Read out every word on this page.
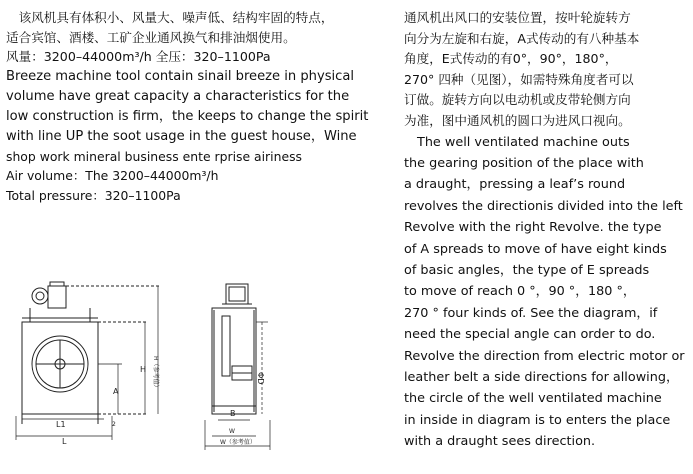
　该风机具有体积小、风量大、噪声低、结构牢固的特点，

适合宾馆、酒楼、工矿企业通风换气和排油烟使用。

风量：3200–44000m³/h 全压：320–1100Pa

Breeze machine tool contain sinail breeze in physical

volume have great capacity a characteristics for the

low construction is firm，the keeps to change the spirit

with line UP the soot usage in the guest house，Wine

shop work mineral business ente rprise airiness

Air volume：The 3200–44000m³/h

Total pressure：320–1100Pa

通风机出风口的安装位置，按叶轮旋转方

向分为左旋和右旋，A式传动的有八种基本

角度，E式传动的有0°，90°，180°，

270° 四种（见图），如需特殊角度者可以

订做。旋转方向以电动机或皮带轮侧方向

为准，图中通风机的圆口为进风口视向。

The well ventilated machine outs

the gearing position of the place with

a draught，pressing a leaf’s round

revolves the directionis divided into the left

Revolve with the right Revolve. the type

of A spreads to move of have eight kinds

of basic angles，the type of E spreads

to move of reach 0 °，90 °，180 °，

270 ° four kinds of. See the diagram，if

need the special angle can order to do.

Revolve the direction from electric motor or

leather belt a side directions for allowing，

the circle of the well ventilated machine

in inside in diagram is to enters the place

with a draught sees direction.

H（参考值）
H
A
L1
L
2
ΦD
B
W
W（参考值）
